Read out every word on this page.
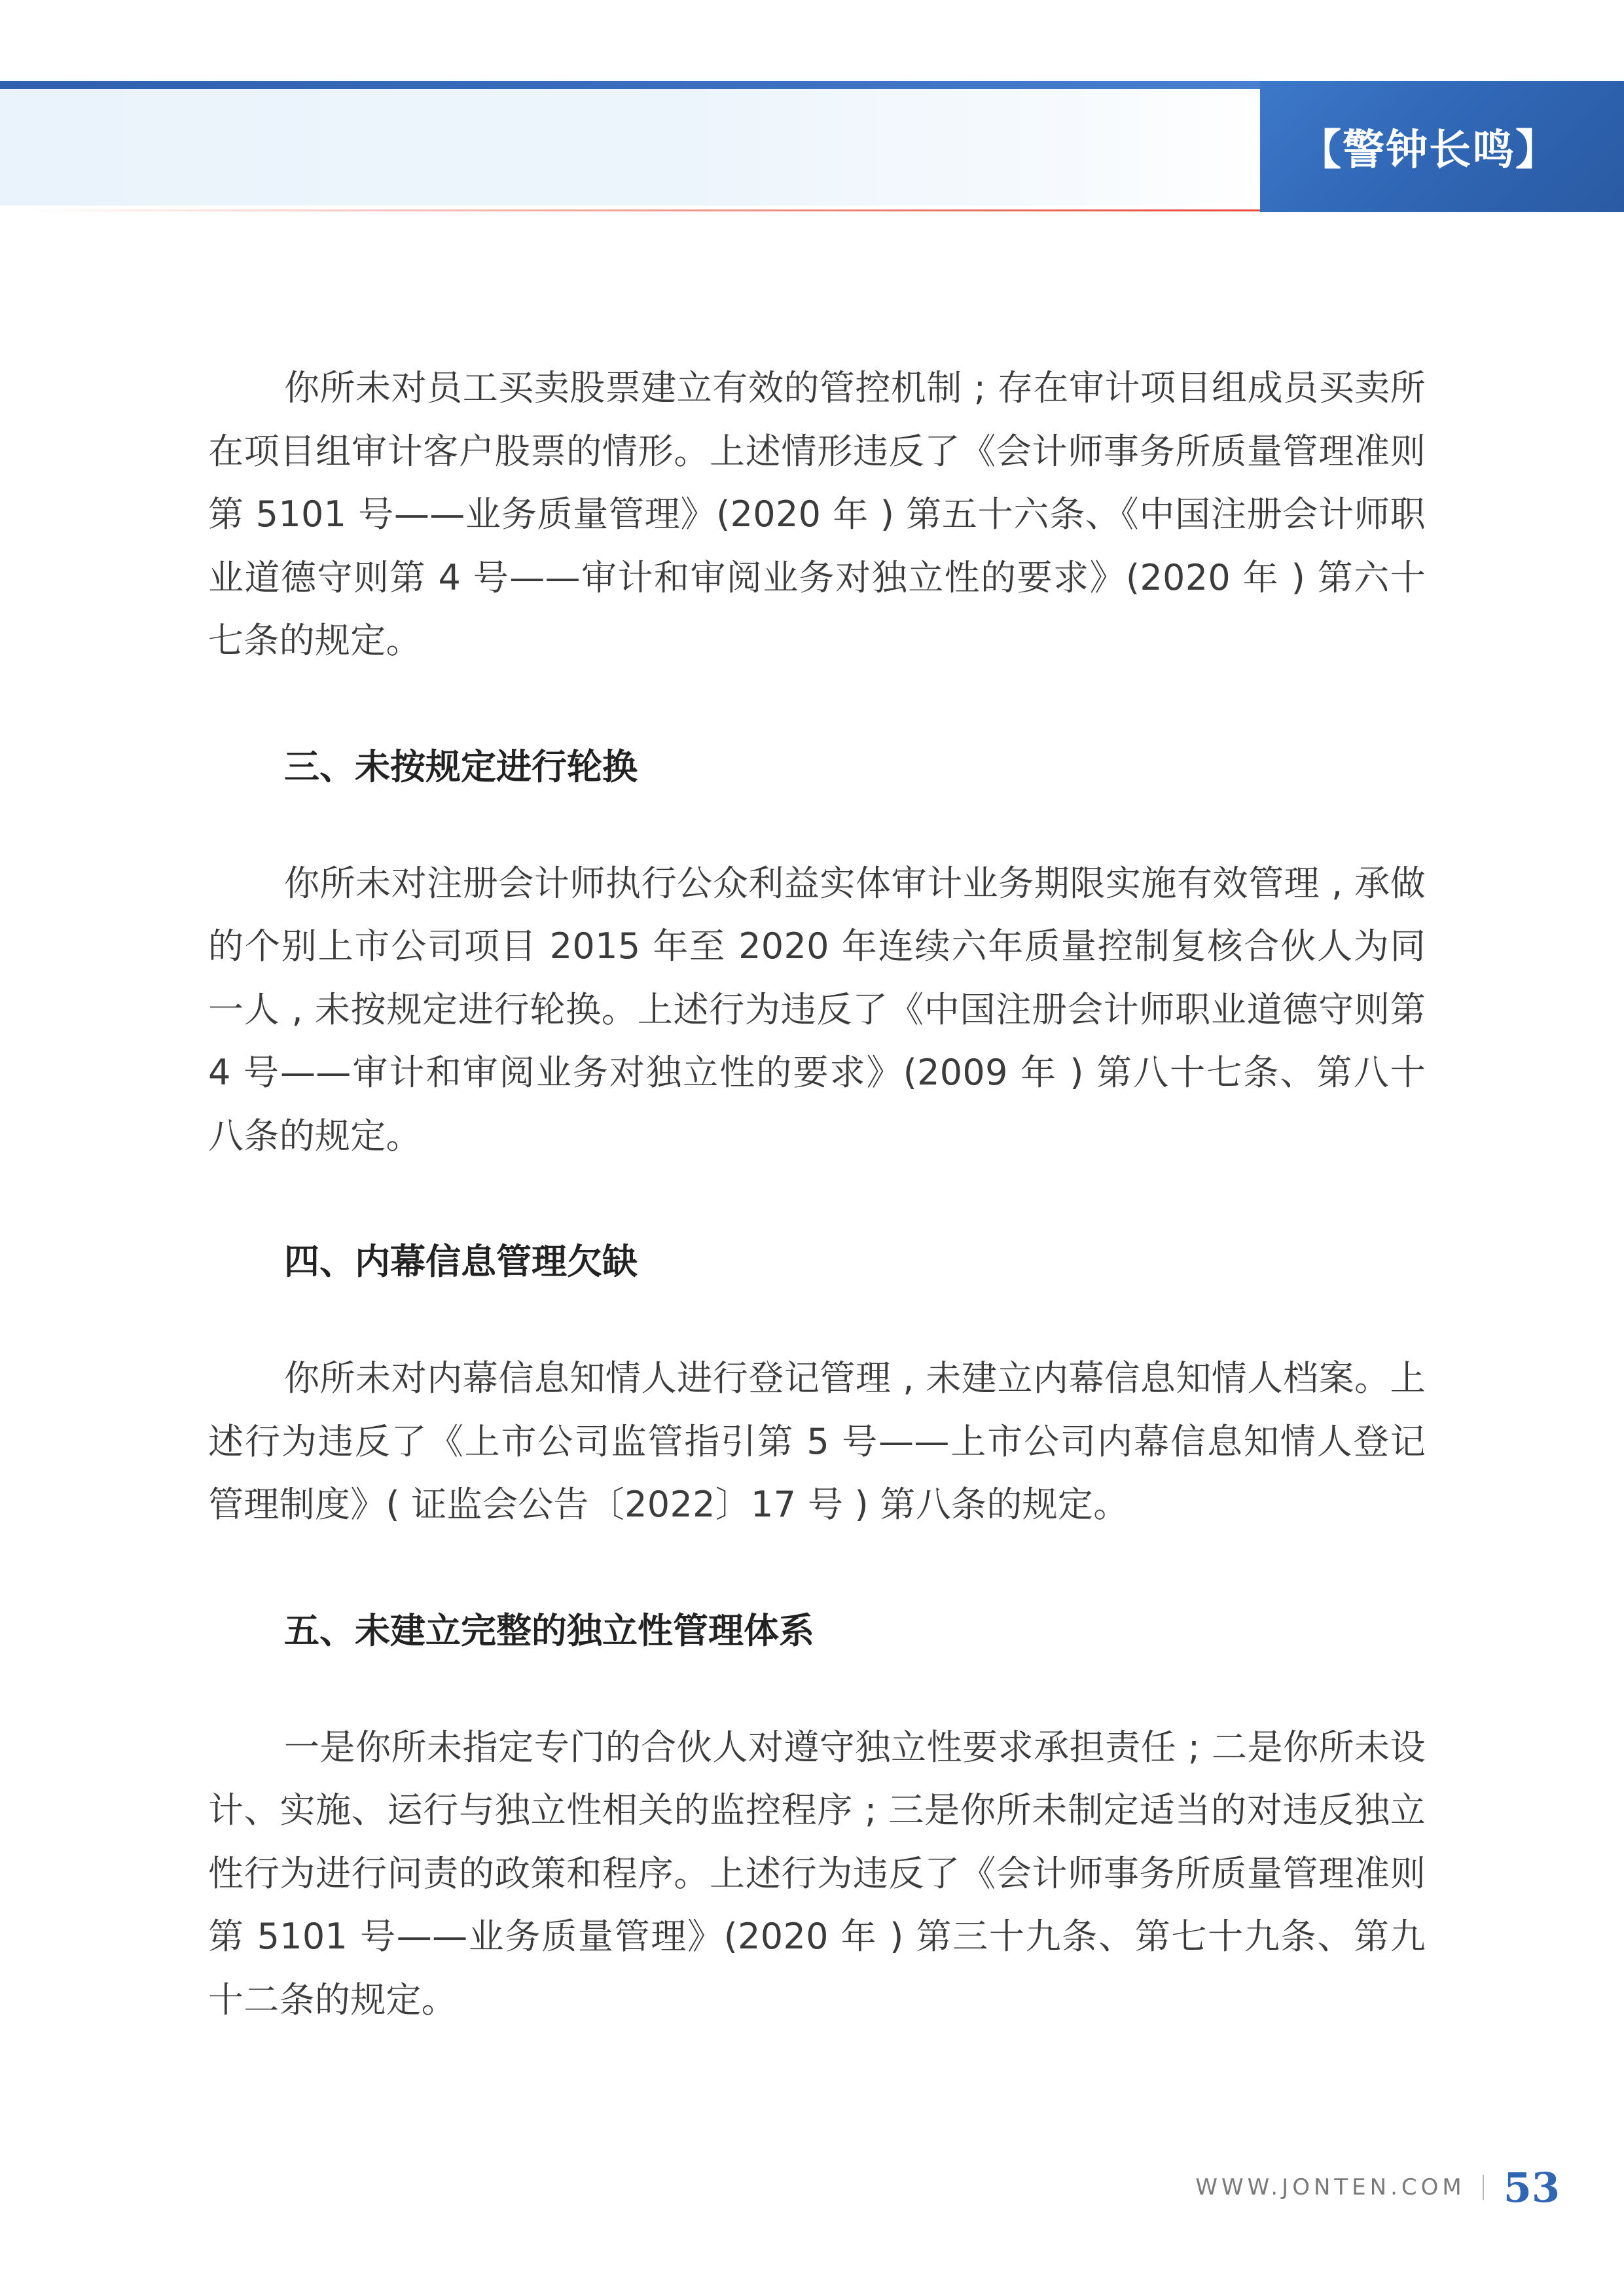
【警钟长鸣】

你所未对员工买卖股票建立有效的管控机制 ; 存在审计项目组成员买卖所在项目组审计客户股票的情形。上述情形违反了《会计师事务所质量管理准则第 5101 号——业务质量管理》(2020 年 ) 第五十六条、《中国注册会计师职业道德守则第 4 号——审计和审阅业务对独立性的要求》(2020 年 ) 第六十七条的规定。

三、未按规定进行轮换

你所未对注册会计师执行公众利益实体审计业务期限实施有效管理 , 承做的个别上市公司项目 2015 年至 2020 年连续六年质量控制复核合伙人为同一人 , 未按规定进行轮换。上述行为违反了《中国注册会计师职业道德守则第 4 号——审计和审阅业务对独立性的要求》(2009 年 ) 第八十七条、第八十八条的规定。

四、内幕信息管理欠缺

你所未对内幕信息知情人进行登记管理 , 未建立内幕信息知情人档案。上述行为违反了《上市公司监管指引第 5 号——上市公司内幕信息知情人登记管理制度》( 证监会公告〔2022〕17 号 ) 第八条的规定。

五、未建立完整的独立性管理体系

一是你所未指定专门的合伙人对遵守独立性要求承担责任 ; 二是你所未设计、实施、运行与独立性相关的监控程序 ; 三是你所未制定适当的对违反独立性行为进行问责的政策和程序。上述行为违反了《会计师事务所质量管理准则第 5101 号——业务质量管理》(2020 年 ) 第三十九条、第七十九条、第九十二条的规定。

WWW.JONTEN.COM 53
